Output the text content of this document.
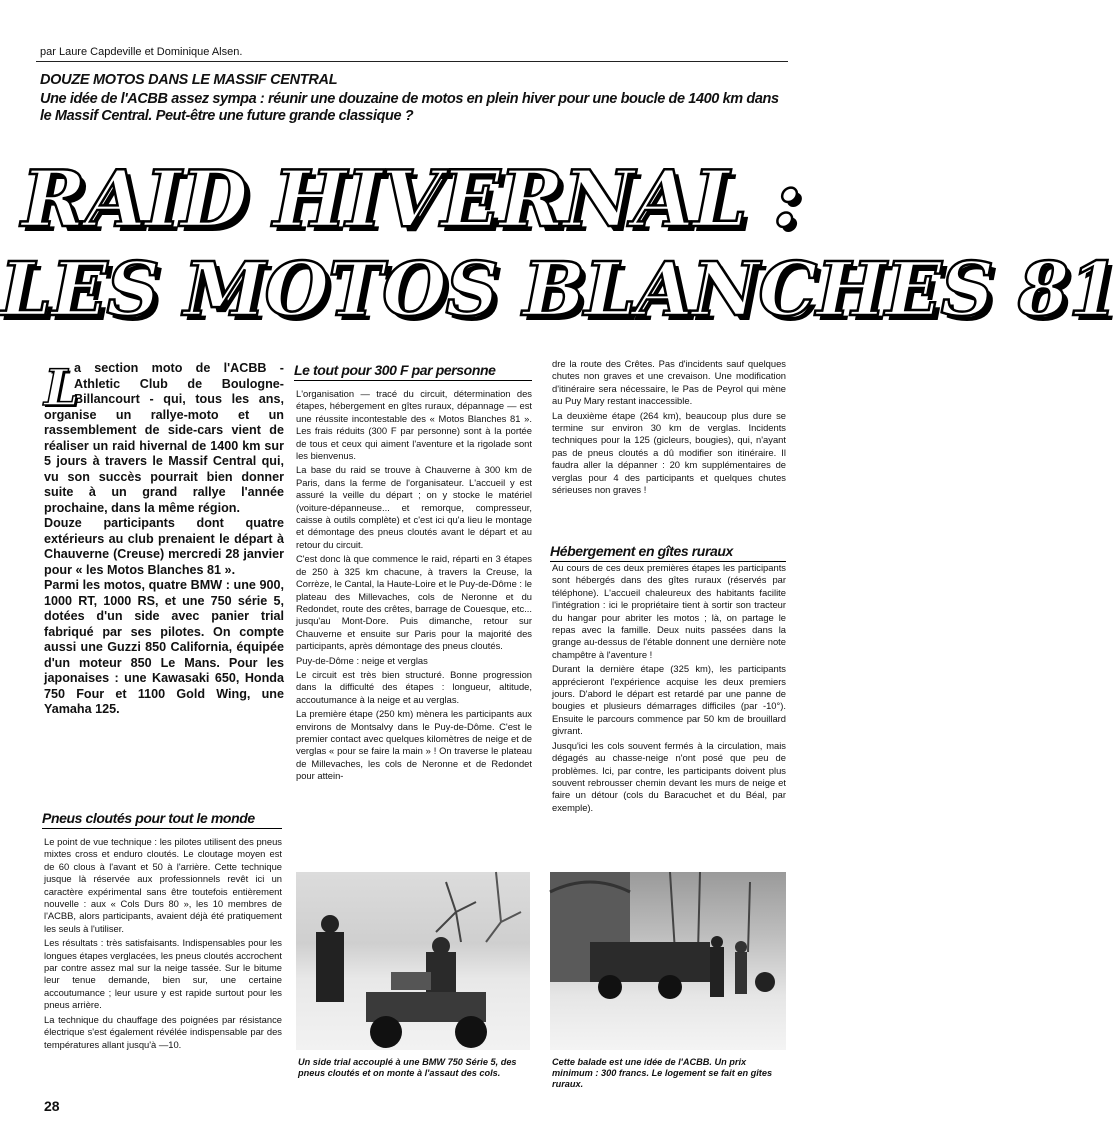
par Laure Capdeville et Dominique Alsen.
DOUZE MOTOS DANS LE MASSIF CENTRAL
Une idée de l'ACBB assez sympa : réunir une douzaine de motos en plein hiver pour une boucle de 1400 km dans le Massif Central. Peut-être une future grande classique ?
RAID HIVERNAL :
LES MOTOS BLANCHES 81
a section moto de l'ACBB - Athletic Club de Boulogne-Billancourt - qui, tous les ans, organise un rallye-moto et un rassemblement de side-cars vient de réaliser un raid hivernal de 1400 km sur 5 jours à travers le Massif Central qui, vu son succès pourrait bien donner suite à un grand rallye l'année prochaine, dans la même région.
Douze participants dont quatre extérieurs au club prenaient le départ à Chauverne (Creuse) mercredi 28 janvier pour « les Motos Blanches 81 ».
Parmi les motos, quatre BMW : une 900, 1000 RT, 1000 RS, et une 750 série 5, dotées d'un side avec panier trial fabriqué par ses pilotes. On compte aussi une Guzzi 850 California, équipée d'un moteur 850 Le Mans. Pour les japonaises : une Kawasaki 650, Honda 750 Four et 1100 Gold Wing, une Yamaha 125.
L
Pneus cloutés pour tout le monde

Le point de vue technique : les pilotes utilisent des pneus mixtes cross et enduro cloutés. Le cloutage moyen est de 60 clous à l'avant et 50 à l'arrière. Cette technique jusque là réservée aux professionnels revêt ici un caractère expérimental sans être toutefois entièrement nouvelle : aux « Cols Durs 80 », les 10 membres de l'ACBB, alors participants, avaient déjà été pratiquement les seuls à l'utiliser.

Les résultats : très satisfaisants. Indispensables pour les longues étapes verglacées, les pneus cloutés accrochent par contre assez mal sur la neige tassée. Sur le bitume leur tenue demande, bien sur, une certaine accoutumance ; leur usure y est rapide surtout pour les pneus arrière.

La technique du chauffage des poignées par résistance électrique s'est également révélée indispensable par des températures allant jusqu'à —10.

Le tout pour 300 F par personne

L'organisation — tracé du circuit, détermination des étapes, hébergement en gîtes ruraux, dépannage — est une réussite incontestable des « Motos Blanches 81 ». Les frais réduits (300 F par personne) sont à la portée de tous et ceux qui aiment l'aventure et la rigolade sont les bienvenus.

La base du raid se trouve à Chauverne à 300 km de Paris, dans la ferme de l'organisateur. L'accueil y est assuré la veille du départ ; on y stocke le matériel (voiture-dépanneuse... et remorque, compresseur, caisse à outils complète) et c'est ici qu'a lieu le montage et démontage des pneus cloutés avant le départ et au retour du circuit.

C'est donc là que commence le raid, réparti en 3 étapes de 250 à 325 km chacune, à travers la Creuse, la Corrèze, le Cantal, la Haute-Loire et le Puy-de-Dôme : le plateau des Millevaches, cols de Neronne et du Redondet, route des crêtes, barrage de Couesque, etc... jusqu'au Mont-Dore. Puis dimanche, retour sur Chauverne et ensuite sur Paris pour la majorité des participants, après démontage des pneus cloutés.

Puy-de-Dôme : neige et verglas

Le circuit est très bien structuré. Bonne progression dans la difficulté des étapes : longueur, altitude, accoutumance à la neige et au verglas.

La première étape (250 km) mènera les participants aux environs de Montsalvy dans le Puy-de-Dôme. C'est le premier contact avec quelques kilomètres de neige et de verglas « pour se faire la main » ! On traverse le plateau de Millevaches, les cols de Neronne et de Redondet pour attein-

dre la route des Crêtes. Pas d'incidents sauf quelques chutes non graves et une crevaison. Une modification d'itinéraire sera nécessaire, le Pas de Peyrol qui mène au Puy Mary restant inaccessible.

La deuxième étape (264 km), beaucoup plus dure se termine sur environ 30 km de verglas. Incidents techniques pour la 125 (gicleurs, bougies), qui, n'ayant pas de pneus cloutés a dû modifier son itinéraire. Il faudra aller la dépanner : 20 km supplémentaires de verglas pour 4 des participants et quelques chutes sérieuses non graves !

Hébergement en gîtes ruraux

Au cours de ces deux premières étapes les participants sont hébergés dans des gîtes ruraux (réservés par téléphone). L'accueil chaleureux des habitants facilite l'intégration : ici le propriétaire tient à sortir son tracteur du hangar pour abriter les motos ; là, on partage le repas avec la famille. Deux nuits passées dans la grange au-dessus de l'étable donnent une dernière note champêtre à l'aventure !

Durant la dernière étape (325 km), les participants apprécieront l'expérience acquise les deux premiers jours. D'abord le départ est retardé par une panne de bougies et plusieurs démarrages difficiles (par -10°). Ensuite le parcours commence par 50 km de brouillard givrant.

Jusqu'ici les cols souvent fermés à la circulation, mais dégagés au chasse-neige n'ont posé que peu de problèmes. Ici, par contre, les participants doivent plus souvent rebrousser chemin devant les murs de neige et faire un détour (cols du Baracuchet et du Béal, par exemple).

Un side trial accouplé à une BMW 750 Série 5, des pneus cloutés et on monte à l'assaut des cols.
Cette balade est une idée de l'ACBB. Un prix minimum : 300 francs. Le logement se fait en gîtes ruraux.
28
